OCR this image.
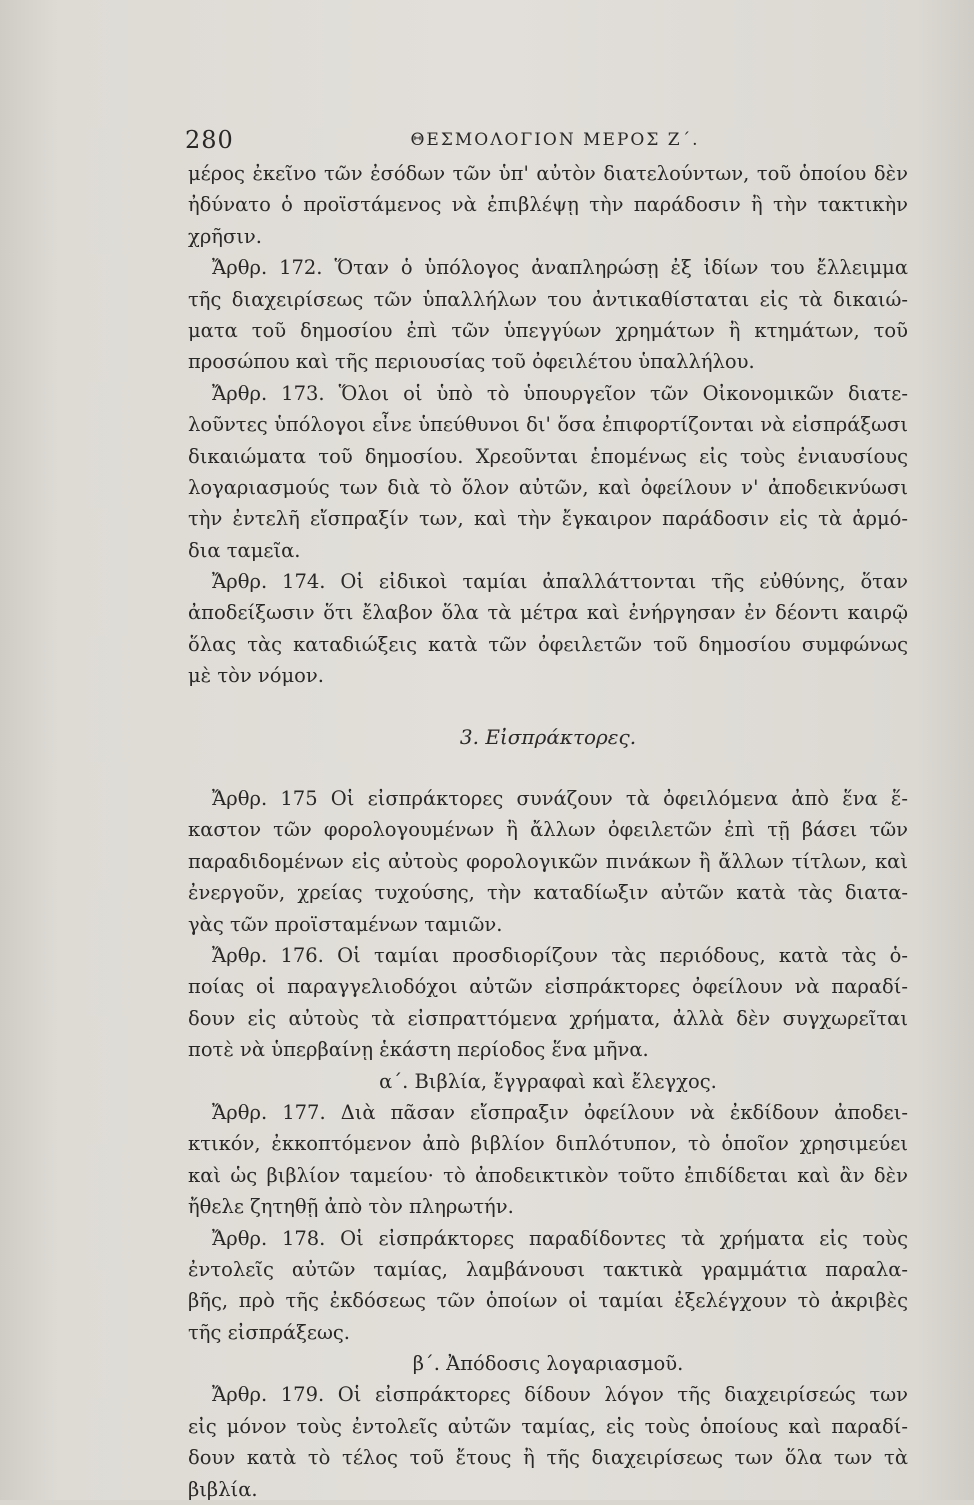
280	ΘΕΣΜΟΛΟΓΙΟΝ ΜΕΡΟΣ Ζ΄.
μέρος ἐκεῖνο τῶν ἐσόδων τῶν ὑπ' αὐτὸν διατελούντων, τοῦ ὁποίου δὲν
ἠδύνατο ὁ προϊστάμενος νὰ ἐπιβλέψῃ τὴν παράδοσιν ἢ τὴν τακτικὴν
χρῆσιν.
Ἄρθρ. 172. Ὅταν ὁ ὑπόλογος ἀναπληρώσῃ ἐξ ἰδίων του ἔλλειμμα
τῆς διαχειρίσεως τῶν ὑπαλλήλων του ἀντικαθίσταται εἰς τὰ δικαιώ-
ματα τοῦ δημοσίου ἐπὶ τῶν ὑπεγγύων χρημάτων ἢ κτημάτων, τοῦ
προσώπου καὶ τῆς περιουσίας τοῦ ὀφειλέτου ὑπαλλήλου.
Ἄρθρ. 173. Ὅλοι οἱ ὑπὸ τὸ ὑπουργεῖον τῶν Οἰκονομικῶν διατε-
λοῦντες ὑπόλογοι εἶνε ὑπεύθυνοι δι' ὅσα ἐπιφορτίζονται νὰ εἰσπράξωσι
δικαιώματα τοῦ δημοσίου. Χρεοῦνται ἑπομένως εἰς τοὺς ἐνιαυσίους
λογαριασμούς των διὰ τὸ ὅλον αὐτῶν, καὶ ὀφείλουν ν' ἀποδεικνύωσι
τὴν ἐντελῆ εἴσπραξίν των, καὶ τὴν ἔγκαιρον παράδοσιν εἰς τὰ ἁρμό-
δια ταμεῖα.
Ἄρθρ. 174. Οἱ εἰδικοὶ ταμίαι ἀπαλλάττονται τῆς εὐθύνης, ὅταν
ἀποδείξωσιν ὅτι ἔλαβον ὅλα τὰ μέτρα καὶ ἐνήργησαν ἐν δέοντι καιρῷ
ὅλας τὰς καταδιώξεις κατὰ τῶν ὀφειλετῶν τοῦ δημοσίου συμφώνως
μὲ τὸν νόμον.
3. Εἰσπράκτορες.
Ἄρθρ. 175 Οἱ εἰσπράκτορες συνάζουν τὰ ὀφειλόμενα ἀπὸ ἕνα ἕ-
καστον τῶν φορολογουμένων ἢ ἄλλων ὀφειλετῶν ἐπὶ τῇ βάσει τῶν
παραδιδομένων εἰς αὐτοὺς φορολογικῶν πινάκων ἢ ἄλλων τίτλων, καὶ
ἐνεργοῦν, χρείας τυχούσης, τὴν καταδίωξιν αὐτῶν κατὰ τὰς διατα-
γὰς τῶν προϊσταμένων ταμιῶν.
Ἄρθρ. 176. Οἱ ταμίαι προσδιορίζουν τὰς περιόδους, κατὰ τὰς ὁ-
ποίας οἱ παραγγελιοδόχοι αὐτῶν εἰσπράκτορες ὀφείλουν νὰ παραδί-
δουν εἰς αὐτοὺς τὰ εἰσπραττόμενα χρήματα, ἀλλὰ δὲν συγχωρεῖται
ποτὲ νὰ ὑπερβαίνῃ ἑκάστη περίοδος ἕνα μῆνα.
α΄. Βιβλία, ἔγγραφαὶ καὶ ἔλεγχος.
Ἄρθρ. 177. Διὰ πᾶσαν εἴσπραξιν ὀφείλουν νὰ ἐκδίδουν ἀποδει-
κτικόν, ἐκκοπτόμενον ἀπὸ βιβλίον διπλότυπον, τὸ ὁποῖον χρησιμεύει
καὶ ὡς βιβλίον ταμείου· τὸ ἀποδεικτικὸν τοῦτο ἐπιδίδεται καὶ ἂν δὲν
ἤθελε ζητηθῇ ἀπὸ τὸν πληρωτήν.
Ἄρθρ. 178. Οἱ εἰσπράκτορες παραδίδοντες τὰ χρήματα εἰς τοὺς
ἐντολεῖς αὐτῶν ταμίας, λαμβάνουσι τακτικὰ γραμμάτια παραλα-
βῆς, πρὸ τῆς ἐκδόσεως τῶν ὁποίων οἱ ταμίαι ἐξελέγχουν τὸ ἀκριβὲς
τῆς εἰσπράξεως.
β΄. Ἀπόδοσις λογαριασμοῦ.
Ἄρθρ. 179. Οἱ εἰσπράκτορες δίδουν λόγον τῆς διαχειρίσεώς των
εἰς μόνον τοὺς ἐντολεῖς αὐτῶν ταμίας, εἰς τοὺς ὁποίους καὶ παραδί-
δουν κατὰ τὸ τέλος τοῦ ἔτους ἢ τῆς διαχειρίσεως των ὅλα των τὰ
βιβλία.
